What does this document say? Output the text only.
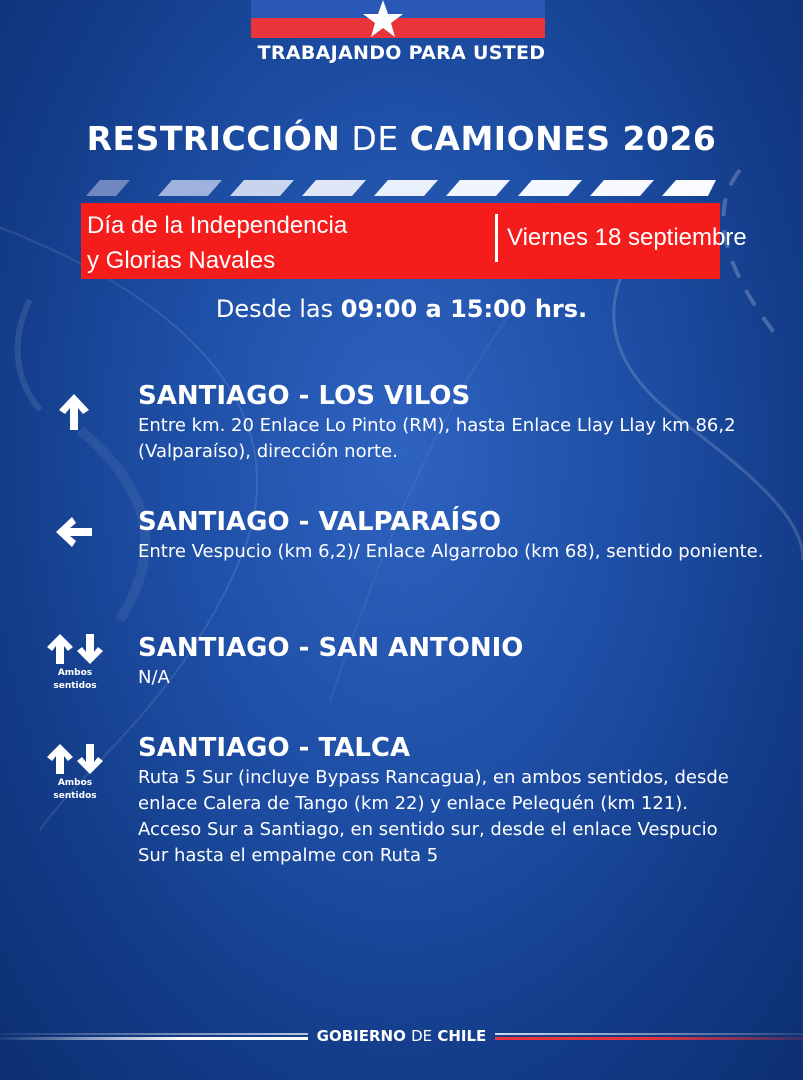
TRABAJANDO PARA USTED
RESTRICCIÓN DE CAMIONES 2026
Día de la Independencia
y Glorias Navales
Viernes 18 septiembre
Desde las 09:00 a 15:00 hrs.
SANTIAGO - LOS VILOS
Entre km. 20 Enlace Lo Pinto (RM), hasta Enlace Llay Llay km 86,2 (Valparaíso), dirección norte.
SANTIAGO - VALPARAÍSO
Entre Vespucio (km 6,2)/ Enlace Algarrobo (km 68), sentido poniente.
Ambos
sentidos
SANTIAGO - SAN ANTONIO
N/A
Ambos
sentidos
SANTIAGO - TALCA
Ruta 5 Sur (incluye Bypass Rancagua), en ambos sentidos, desde enlace Calera de Tango (km 22) y enlace Pelequén (km 121). Acceso Sur a Santiago, en sentido sur, desde el enlace Vespucio Sur hasta el empalme con Ruta 5
GOBIERNO DE CHILE
